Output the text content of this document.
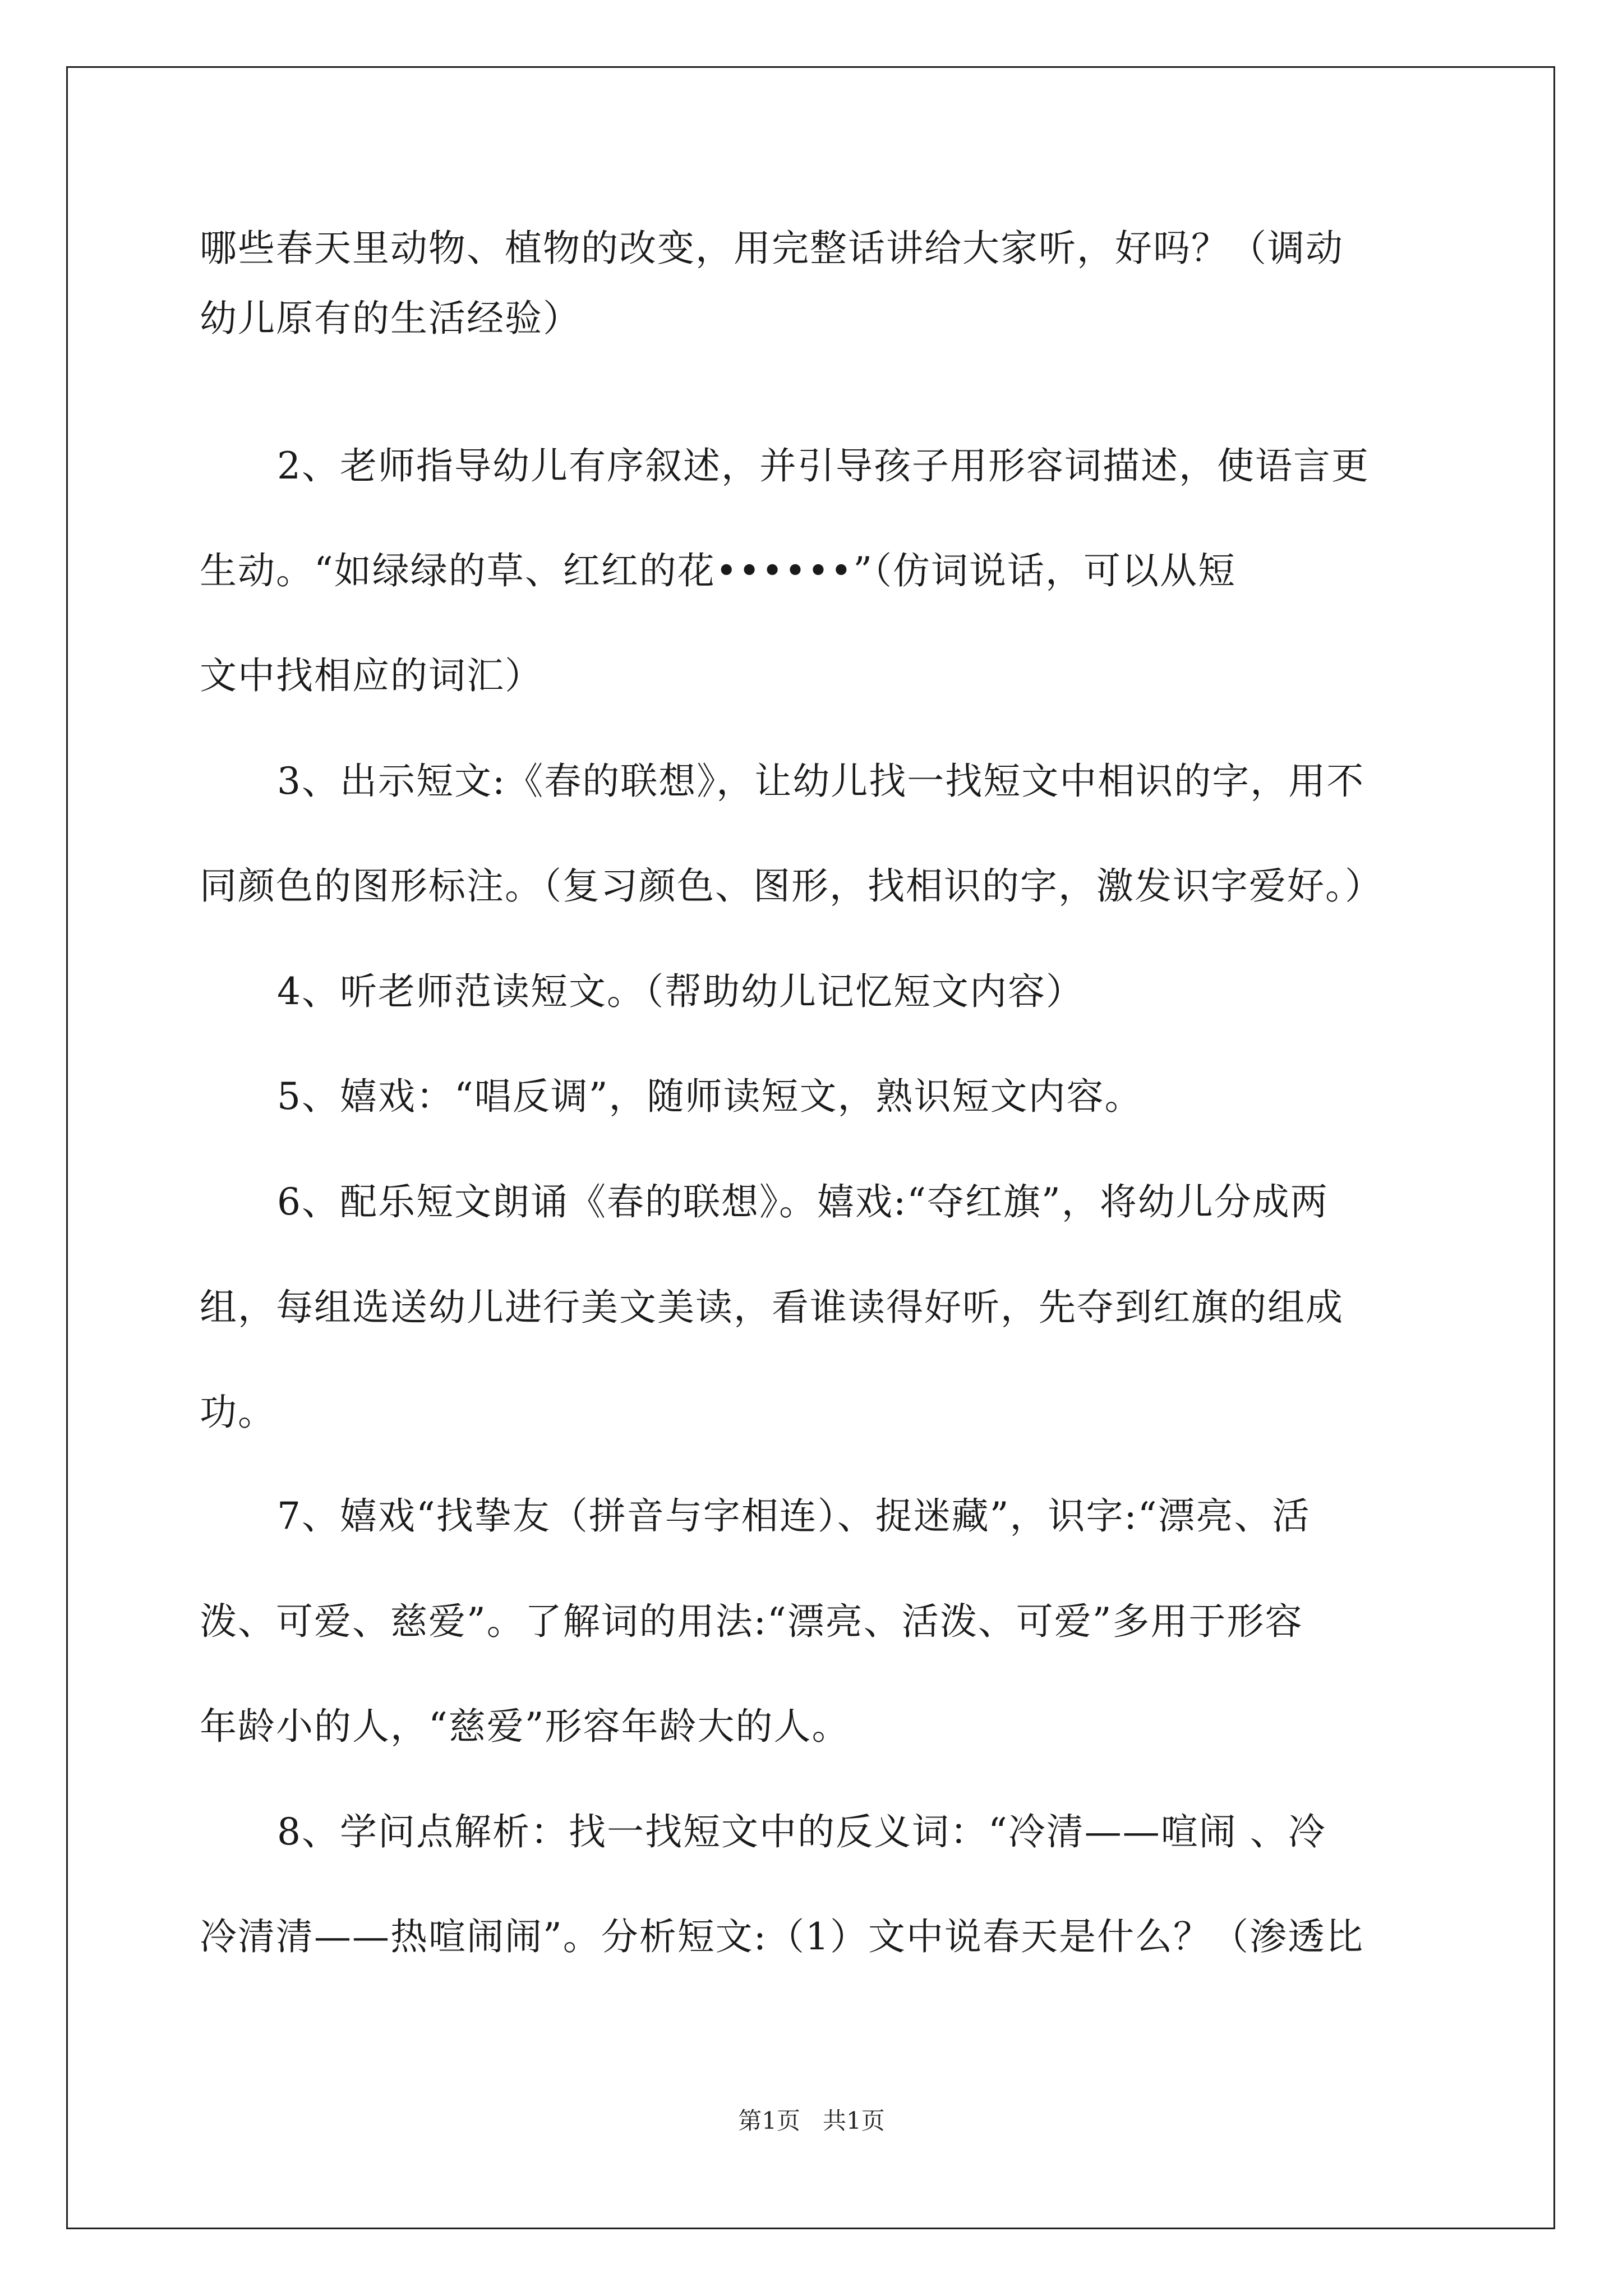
哪些春天里动物、植物的改变，用完整话讲给大家听，好吗？（调动
幼儿原有的生活经验）
2、老师指导幼儿有序叙述，并引导孩子用形容词描述，使语言更
生动。“如绿绿的草、红红的花••••••”（仿词说话，可以从短
文中找相应的词汇）
3、出示短文:《春的联想》，让幼儿找一找短文中相识的字，用不
同颜色的图形标注。（复习颜色、图形，找相识的字，激发识字爱好。）
4、听老师范读短文。（帮助幼儿记忆短文内容）
5、嬉戏：“唱反调”，随师读短文，熟识短文内容。
6、配乐短文朗诵《春的联想》。嬉戏:“夺红旗”，将幼儿分成两
组，每组选送幼儿进行美文美读，看谁读得好听，先夺到红旗的组成
功。
7、嬉戏“找挚友（拼音与字相连）、捉迷藏”，识字:“漂亮、活
泼、可爱、慈爱”。了解词的用法:“漂亮、活泼、可爱”多用于形容
年龄小的人，“慈爱”形容年龄大的人。
8、学问点解析：找一找短文中的反义词：“冷清——喧闹 、冷
冷清清——热喧闹闹”。分析短文:（1）文中说春天是什么？（渗透比
第1页   共1页
